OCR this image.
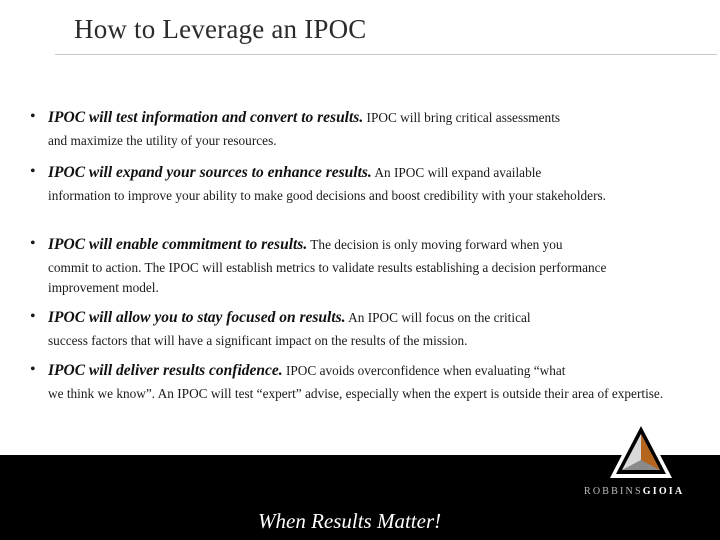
How to Leverage an IPOC
• IPOC will test information and convert to results. IPOC will bring critical assessments

and maximize the utility of your resources.

• IPOC will expand your sources to enhance results. An IPOC will expand available

information to improve your ability to make good decisions and boost credibility with your stakeholders.

• IPOC will enable commitment to results. The decision is only moving forward when you

commit to action. The IPOC will establish metrics to validate results establishing a decision performance improvement model.

• IPOC will allow you to stay focused on results. An IPOC will focus on the critical

success factors that will have a significant impact on the results of the mission.

• IPOC will deliver results confidence. IPOC avoids overconfidence when evaluating “what

we think we know”. An IPOC will test “expert” advise, especially when the expert is outside their area of expertise.

ROBBINSGIOIA
When Results Matter!
